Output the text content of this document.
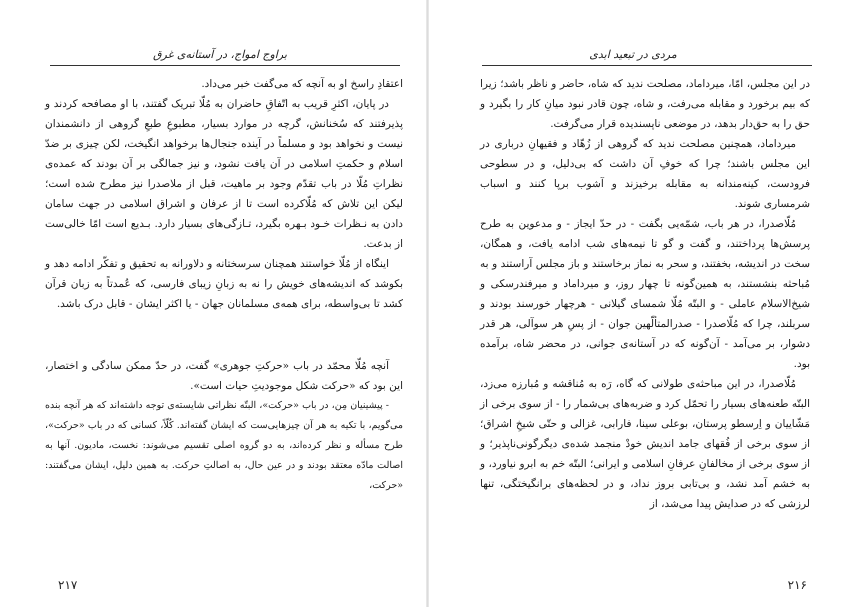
مردی در تبعید ابدی

در این مجلس، امّا، میرداماد، مصلحت ندید که شاه، حاضر و ناظر باشد؛ زیرا که بیم برخورد و مقابله می‌رفت، و شاه، چون قادر نبود میانِ کار را بگیرد و حق را به حق‌دار بدهد، در موضعی ناپسندیده قرار می‌گرفت.

میرداماد، همچنین مصلحت ندید که گروهی از زُهّاد و فقیهانِ درباری در این مجلس باشند؛ چرا که خوفِ آن داشت که بی‌دلیل، و در سطوحی فرودست، کینه‌مندانه به مقابله برخیزند و آشوب برپا کنند و اسباب شرمساری شوند.

مُلّاصدرا، در هر باب، شمّه‌یی بگفت - در حدّ ایجاز - و مدعوین به طرح پرسش‌ها پرداختند، و گفت و گو تا نیمه‌های شب ادامه یافت، و همگان، سخت در اندیشه، بخفتند، و سحر به نماز برخاستند و باز مجلس آراستند و به مُباحثه بنشستند، به همین‌گونه تا چهار روز، و میرداماد و میرفندرسکی و شیخ‌الاسلام عاملی - و البتّه مُلّا شمسای گیلانی - هرچهار خورسند بودند و سربلند، چرا که مُلّاصدرا - صدرالمتألّهین جوان - از پسِ هر سوآلی، هر قدر دشوار، بر می‌آمد - آن‌گونه که در آستانه‌ی جوانی، در محضر شاه، برآمده بود.

مُلّاصدرا، در این مباحثه‌ی طولانی که گاه، رَه به مُناقشه و مُبارزه می‌زد، البتّه طعنه‌های بسیار را تحمّل کرد و ضربه‌های بی‌شمار را - از سوی برخی از مَشّاییان و اِرسطو پرستان، بوعلی سینا، فارابی، غزالی و حتّی شیخِ اشراق؛ از سوی برخی از فُقهای جامد اندیش خودْ منجمد شده‌ی دیگرگونی‌ناپذیر؛ و از سوی برخی از مخالفانِ عرفانِ اسلامی و ایرانی؛ البتّه خم به ابرو نیاورد، و به خشم آمد نشد، و بی‌تابی بروز نداد، و در لحظه‌های برانگیختگی، تنها لرزشی که در صدایش پیدا می‌شد، از

۲۱۶
براوج امواج، در آستانه‌ی غرق

اعتقادِ راسخ او به آنچه که می‌گفت خبر می‌داد.

در پایان، اکثرِ قریب به اتّفاقِ حاضران به مُلّا تبریک گفتند، با او مصافحه کردند و پذیرفتند که سُخنانش، گرچه در موارد بسیار، مطبوعِ طبعِ گروهی از دانشمندان نیست و نخواهد بود و مسلماً در آینده جنجال‌ها برخواهد انگیخت، لکن چیزی بر ضدّ اسلام و حکمتِ اسلامی در آن یافت نشود، و نیز جمالگی بر آن بودند که عمده‌ی نظراتِ مُلّا در باب تقدّم وجود بر ماهیت، قبل از ملاصدرا نیز مطرح شده است؛ لیکن این تلاش که مُلّاکرده است تا از عرفان و اشراق اسلامی در جهت سامان دادن به نـظرات خـود بـهره بگیرد، تـازگی‌های بسیار دارد. بـدیع است امّا خالی‌ست از بدعت.

اینگاه از مُلّا خواستند همچنان سرسختانه و دلاورانه به تحقیق و تفکّر ادامه دهد و بکوشد که اندیشه‌های خویش را نه به زبانِ زیبای فارسی، که عُمدتاً به زبان قرآن کشد تا بی‌واسطه، برای همه‌ی مسلمانان جهان - یا اکثر ایشان - قابل درک باشد.

آنچه مُلّا محمّد در باب «حرکتِ جوهری» گفت، در حدّ ممکن سادگی و اختصار، این بود که «حرکت شکل موجودیتِ حیات است».

- پیشینیان مِن، در باب «حرکت»، البتّه نظراتی شایسته‌ی توجه داشته‌اند که هر آنچه بنده می‌گویم، با تکیه به هر آن چیزهایی‌ست که ایشان گفته‌اند. کُلّاً، کسانی که در باب «حرکت»، طرح مسأله و نظر کرده‌اند، به دو گروه اصلی تقسیم می‌شوند: نخست، مادیون. آنها به اصالت مادّه معتقد بودند و در عین حال، به اصالتِ حرکت. به همین دلیل، ایشان می‌گفتند: «حرکت،

۲۱۷
